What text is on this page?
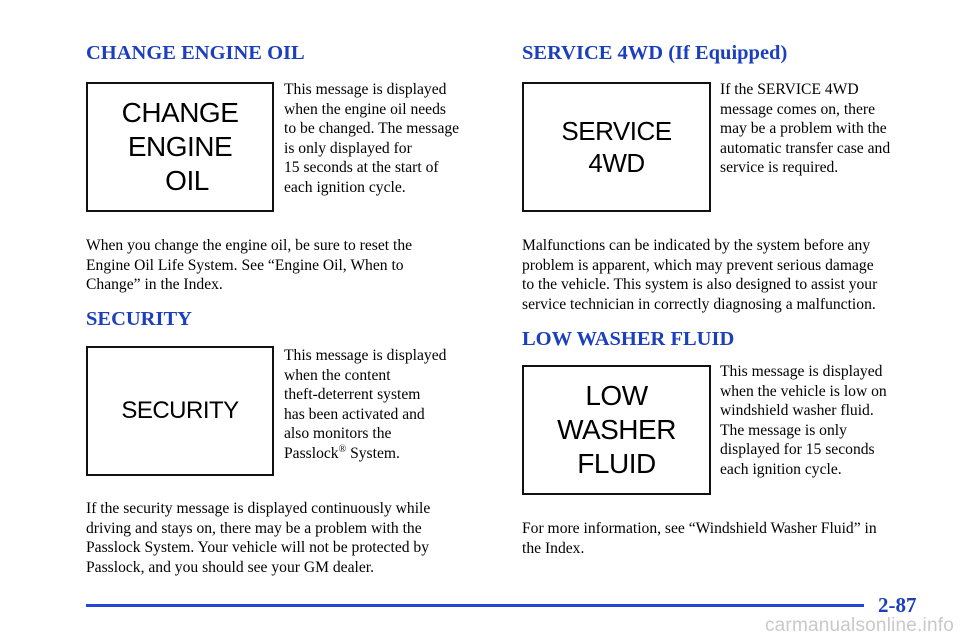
CHANGE ENGINE OIL
CHANGE
ENGINE
OIL

This message is displayed
when the engine oil needs
to be changed. The message
is only displayed for
15 seconds at the start of
each ignition cycle.

When you change the engine oil, be sure to reset the
Engine Oil Life System. See “Engine Oil, When to
Change” in the Index.

SECURITY
SECURITY

This message is displayed
when the content
theft-deterrent system
has been activated and
also monitors the
Passlock® System.

If the security message is displayed continuously while
driving and stays on, there may be a problem with the
Passlock System. Your vehicle will not be protected by
Passlock, and you should see your GM dealer.

SERVICE 4WD (If Equipped)
SERVICE
4WD

If the SERVICE 4WD
message comes on, there
may be a problem with the
automatic transfer case and
service is required.

Malfunctions can be indicated by the system before any
problem is apparent, which may prevent serious damage
to the vehicle. This system is also designed to assist your
service technician in correctly diagnosing a malfunction.

LOW WASHER FLUID
LOW
WASHER
FLUID

This message is displayed
when the vehicle is low on
windshield washer fluid.
The message is only
displayed for 15 seconds
each ignition cycle.

For more information, see “Windshield Washer Fluid” in
the Index.

2-87

carmanualsonline.info
